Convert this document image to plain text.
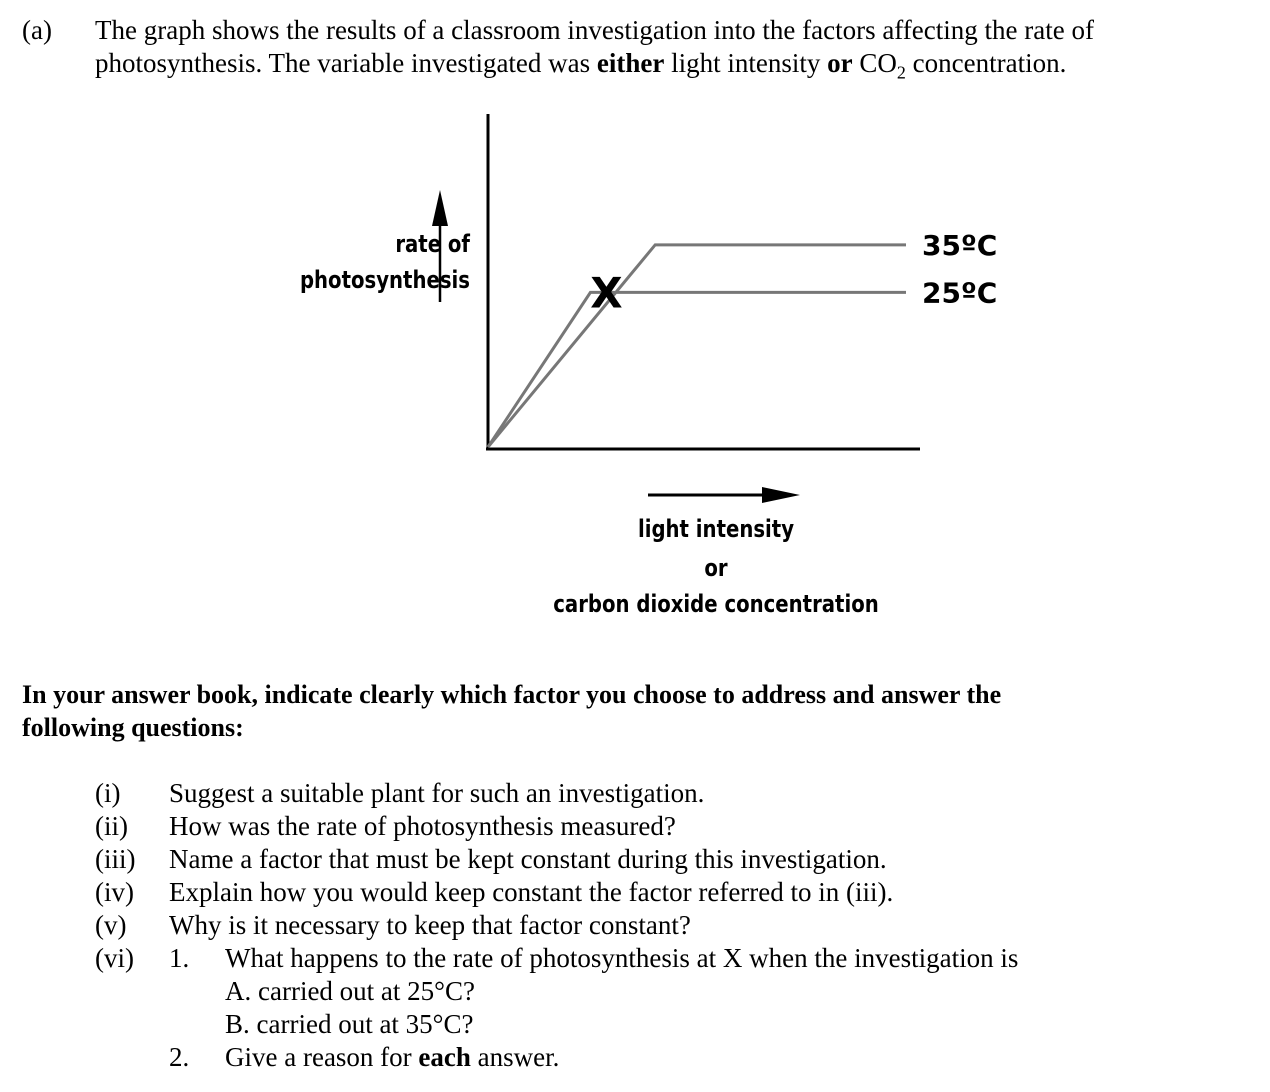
(a) The graph shows the results of a classroom investigation into the factors affecting the rate of
photosynthesis. The variable investigated was either light intensity or $CO_2$ concentration.
rate of
photosynthesis
35ºC
25ºC
X
light intensity
or
carbon dioxide concentration
In your answer book, indicate clearly which factor you choose to address and answer the
following questions:
(i) Suggest a suitable plant for such an investigation.
(ii) How was the rate of photosynthesis measured?
(iii) Name a factor that must be kept constant during this investigation.
(iv) Explain how you would keep constant the factor referred to in (iii).
(v) Why is it necessary to keep that factor constant?
(vi) 1. What happens to the rate of photosynthesis at X when the investigation is
A. carried out at 25°C?
B. carried out at 35°C?
2. Give a reason for each answer.
